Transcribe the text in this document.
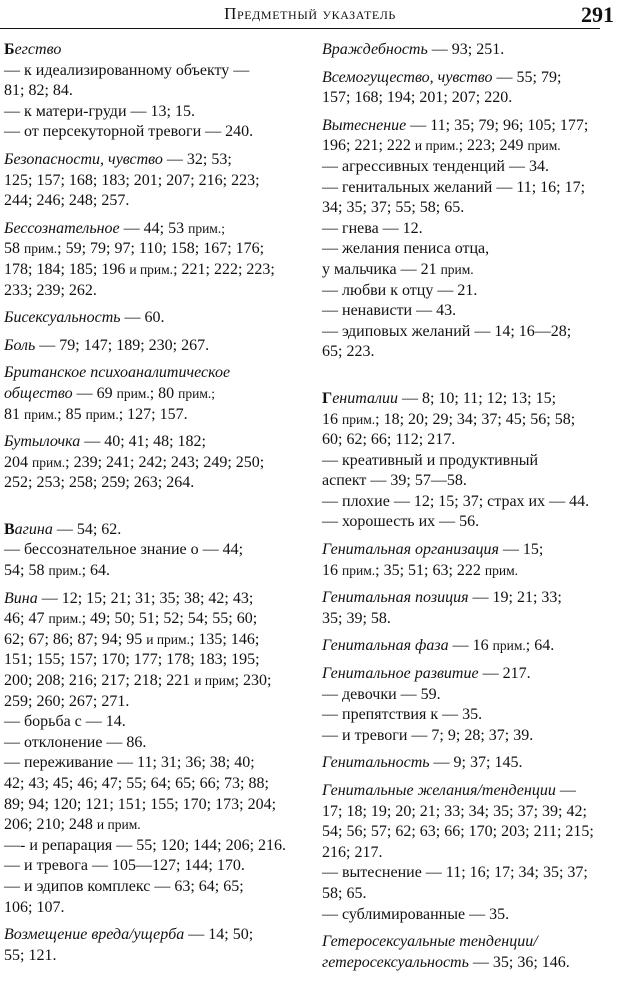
Предметный указатель	291
Бегство
— к идеализированному объекту —
81; 82; 84.
— к матери-груди — 13; 15.
— от персекуторной тревоги — 240.
Безопасности, чувство — 32; 53;
125; 157; 168; 183; 201; 207; 216; 223;
244; 246; 248; 257.
Бессознательное — 44; 53 прим.;
58 прим.; 59; 79; 97; 110; 158; 167; 176;
178; 184; 185; 196 и прим.; 221; 222; 223;
233; 239; 262.
Бисексуальность — 60.
Боль — 79; 147; 189; 230; 267.
Британское психоаналитическое
общество — 69 прим.; 80 прим.;
81 прим.; 85 прим.; 127; 157.
Бутылочка — 40; 41; 48; 182;
204 прим.; 239; 241; 242; 243; 249; 250;
252; 253; 258; 259; 263; 264.
Вагина — 54; 62.
— бессознательное знание о — 44;
54; 58 прим.; 64.
Вина — 12; 15; 21; 31; 35; 38; 42; 43;
46; 47 прим.; 49; 50; 51; 52; 54; 55; 60;
62; 67; 86; 87; 94; 95 и прим.; 135; 146;
151; 155; 157; 170; 177; 178; 183; 195;
200; 208; 216; 217; 218; 221 и прим; 230;
259; 260; 267; 271.
— борьба с — 14.
— отклонение — 86.
— переживание — 11; 31; 36; 38; 40;
42; 43; 45; 46; 47; 55; 64; 65; 66; 73; 88;
89; 94; 120; 121; 151; 155; 170; 173; 204;
206; 210; 248 и прим.
—- и репарация — 55; 120; 144; 206; 216.
— и тревога — 105—127; 144; 170.
— и эдипов комплекс — 63; 64; 65;
106; 107.
Возмещение вреда/ущерба — 14; 50;
55; 121.
Враждебность — 93; 251.
Всемогущество, чувство — 55; 79;
157; 168; 194; 201; 207; 220.
Вытеснение — 11; 35; 79; 96; 105; 177;
196; 221; 222 и прим.; 223; 249 прим.
— агрессивных тенденций — 34.
— генитальных желаний — 11; 16; 17;
34; 35; 37; 55; 58; 65.
— гнева — 12.
— желания пениса отца,
у мальчика — 21 прим.
— любви к отцу — 21.
— ненависти — 43.
— эдиповых желаний — 14; 16—28;
65; 223.
Гениталии — 8; 10; 11; 12; 13; 15;
16 прим.; 18; 20; 29; 34; 37; 45; 56; 58;
60; 62; 66; 112; 217.
— креативный и продуктивный
аспект — 39; 57—58.
— плохие — 12; 15; 37; страх их — 44.
— хорошесть их — 56.
Генитальная организация — 15;
16 прим.; 35; 51; 63; 222 прим.
Генитальная позиция — 19; 21; 33;
35; 39; 58.
Генитальная фаза — 16 прим.; 64.
Генитальное развитие — 217.
— девочки — 59.
— препятствия к — 35.
— и тревоги — 7; 9; 28; 37; 39.
Генитальность — 9; 37; 145.
Генитальные желания/тенденции —
17; 18; 19; 20; 21; 33; 34; 35; 37; 39; 42;
54; 56; 57; 62; 63; 66; 170; 203; 211; 215;
216; 217.
— вытеснение — 11; 16; 17; 34; 35; 37;
58; 65.
— сублимированные — 35.
Гетеросексуальные тенденции/
гетеросексуальность — 35; 36; 146.
